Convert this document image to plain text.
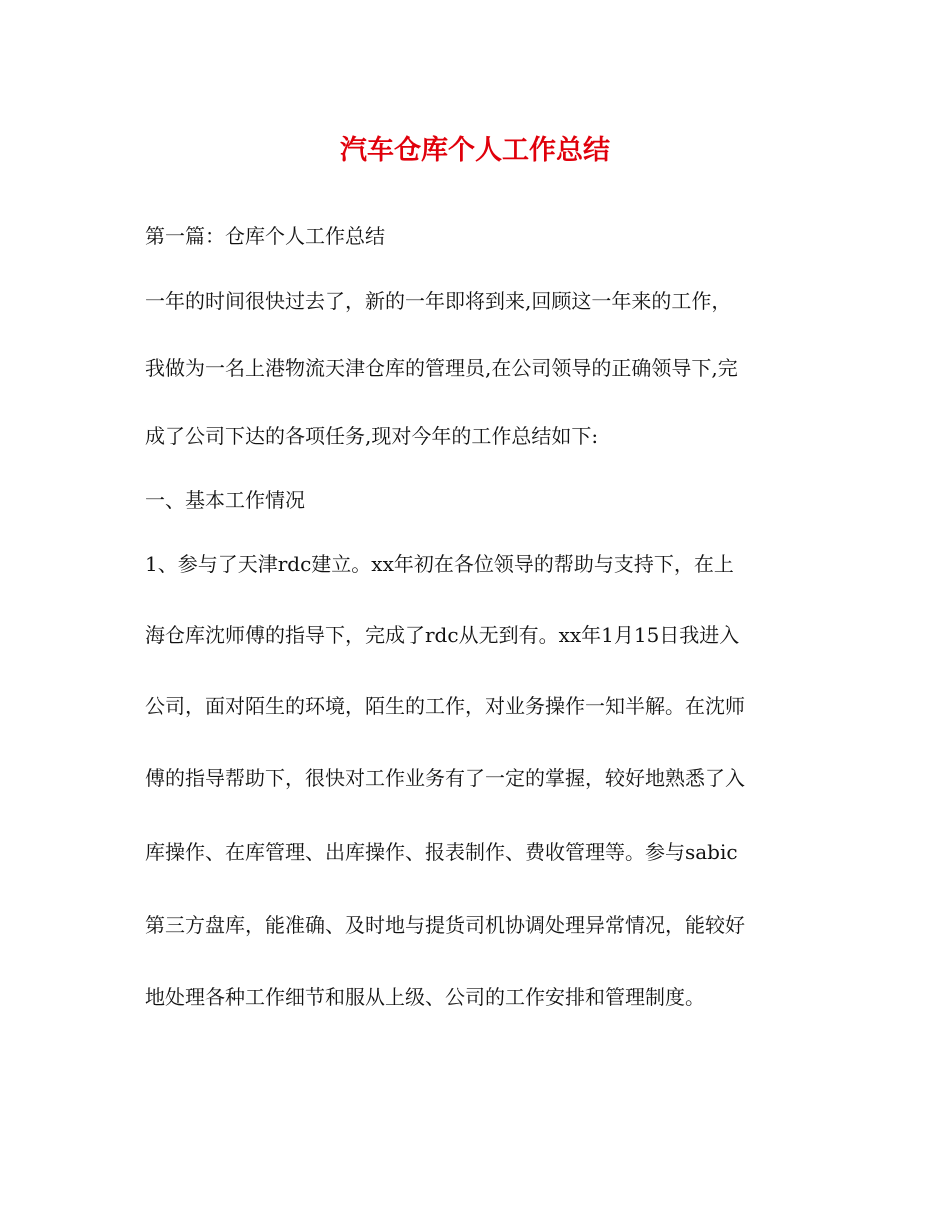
汽车仓库个人工作总结

第一篇：仓库个人工作总结

一年的时间很快过去了，新的一年即将到来,回顾这一年来的工作，

我做为一名上港物流天津仓库的管理员,在公司领导的正确领导下,完

成了公司下达的各项任务,现对今年的工作总结如下:

一、基本工作情况

1、参与了天津rdc建立。xx年初在各位领导的帮助与支持下，在上

海仓库沈师傅的指导下，完成了rdc从无到有。xx年1月15日我进入

公司，面对陌生的环境，陌生的工作，对业务操作一知半解。在沈师

傅的指导帮助下，很快对工作业务有了一定的掌握，较好地熟悉了入

库操作、在库管理、出库操作、报表制作、费收管理等。参与sabic

第三方盘库，能准确、及时地与提货司机协调处理异常情况，能较好

地处理各种工作细节和服从上级、公司的工作安排和管理制度。
